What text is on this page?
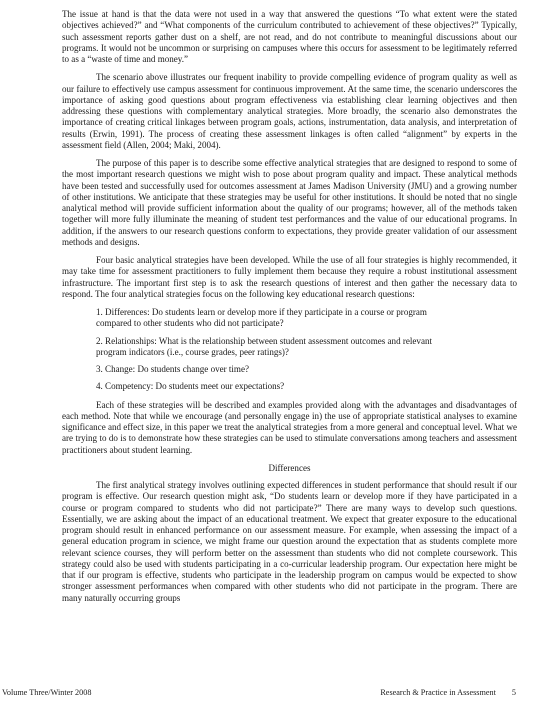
The issue at hand is that the data were not used in a way that answered the questions “To what extent were the stated objectives achieved?” and “What components of the curriculum contributed to achievement of these objectives?” Typically, such assessment reports gather dust on a shelf, are not read, and do not contribute to meaningful discussions about our programs. It would not be uncommon or surprising on campuses where this occurs for assessment to be legitimately referred to as a “waste of time and money.”

The scenario above illustrates our frequent inability to provide compelling evidence of program quality as well as our failure to effectively use campus assessment for continuous improvement. At the same time, the scenario underscores the importance of asking good questions about program effectiveness via establishing clear learning objectives and then addressing these questions with complementary analytical strategies. More broadly, the scenario also demonstrates the importance of creating critical linkages between program goals, actions, instrumentation, data analysis, and interpretation of results (Erwin, 1991). The process of creating these assessment linkages is often called “alignment” by experts in the assessment field (Allen, 2004; Maki, 2004).

The purpose of this paper is to describe some effective analytical strategies that are designed to respond to some of the most important research questions we might wish to pose about program quality and impact. These analytical methods have been tested and successfully used for outcomes assessment at James Madison University (JMU) and a growing number of other institutions. We anticipate that these strategies may be useful for other institutions. It should be noted that no single analytical method will provide sufficient information about the quality of our programs; however, all of the methods taken together will more fully illuminate the meaning of student test performances and the value of our educational programs. In addition, if the answers to our research questions conform to expectations, they provide greater validation of our assessment methods and designs.

Four basic analytical strategies have been developed. While the use of all four strategies is highly recommended, it may take time for assessment practitioners to fully implement them because they require a robust institutional assessment infrastructure. The important first step is to ask the research questions of interest and then gather the necessary data to respond. The four analytical strategies focus on the following key educational research questions:

1. Differences: Do students learn or develop more if they participate in a course or program compared to other students who did not participate?
2. Relationships: What is the relationship between student assessment outcomes and relevant program indicators (i.e., course grades, peer ratings)?
3. Change: Do students change over time?
4. Competency: Do students meet our expectations?

Each of these strategies will be described and examples provided along with the advantages and disadvantages of each method. Note that while we encourage (and personally engage in) the use of appropriate statistical analyses to examine significance and effect size, in this paper we treat the analytical strategies from a more general and conceptual level. What we are trying to do is to demonstrate how these strategies can be used to stimulate conversations among teachers and assessment practitioners about student learning.

Differences

The first analytical strategy involves outlining expected differences in student performance that should result if our program is effective. Our research question might ask, “Do students learn or develop more if they have participated in a course or program compared to students who did not participate?” There are many ways to develop such questions. Essentially, we are asking about the impact of an educational treatment. We expect that greater exposure to the educational program should result in enhanced performance on our assessment measure. For example, when assessing the impact of a general education program in science, we might frame our question around the expectation that as students complete more relevant science courses, they will perform better on the assessment than students who did not complete coursework. This strategy could also be used with students participating in a co-curricular leadership program. Our expectation here might be that if our program is effective, students who participate in the leadership program on campus would be expected to show stronger assessment performances when compared with other students who did not participate in the program. There are many naturally occurring groups

Volume Three/Winter 2008	Research & Practice in Assessment 5
